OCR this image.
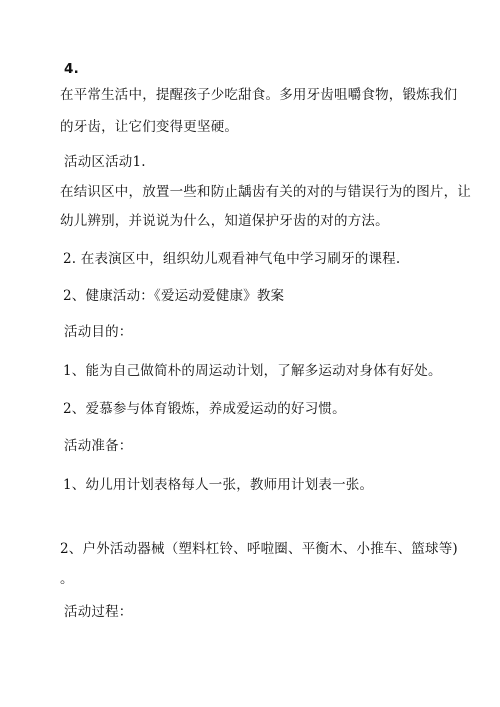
4.
在平常生活中，提醒孩子少吃甜食。多用牙齿咀嚼食物，锻炼我们
的牙齿，让它们变得更坚硬。
活动区活动1.
在结识区中，放置一些和防止龋齿有关的对的与错误行为的图片，让
幼儿辨别，并说说为什么，知道保护牙齿的对的方法。
2. 在表演区中，组织幼儿观看神气龟中学习刷牙的课程.
2、健康活动：《爱运动爱健康》教案
活动目的：
1、能为自己做简朴的周运动计划，了解多运动对身体有好处。
2、爱慕参与体育锻炼，养成爱运动的好习惯。
活动准备：
1、幼儿用计划表格每人一张，教师用计划表一张。
2、户外活动器械（塑料杠铃、呼啦圈、平衡木、小推车、篮球等)
。
活动过程：
